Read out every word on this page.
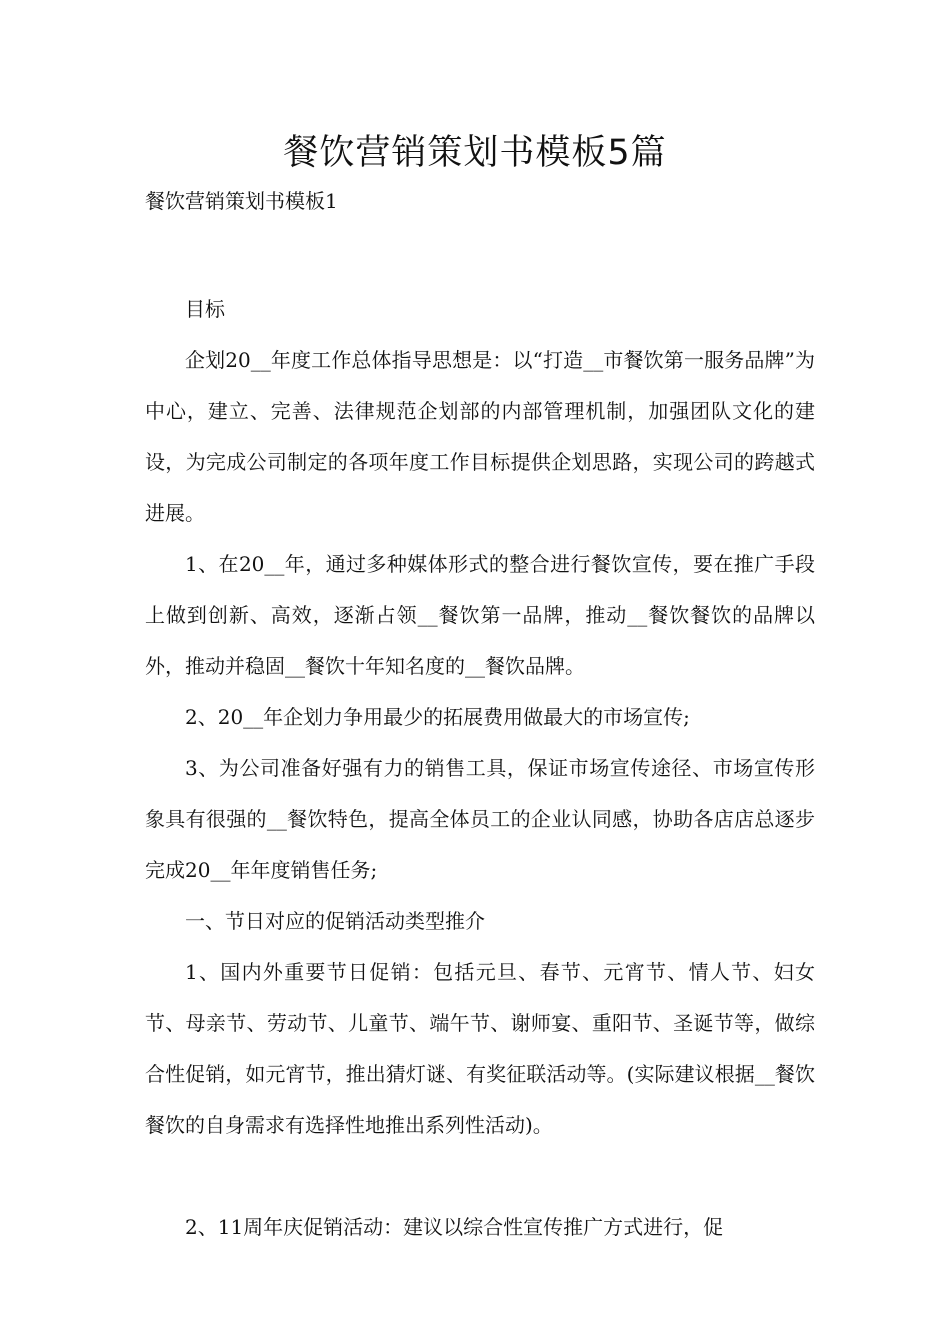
餐饮营销策划书模板5篇

餐饮营销策划书模板1

目标

企划20__年度工作总体指导思想是：以“打造__市餐饮第一服务品牌”为中心，建立、完善、法律规范企划部的内部管理机制，加强团队文化的建设，为完成公司制定的各项年度工作目标提供企划思路，实现公司的跨越式进展。

1、在20__年，通过多种媒体形式的整合进行餐饮宣传，要在推广手段上做到创新、高效，逐渐占领__餐饮第一品牌，推动__餐饮餐饮的品牌以外，推动并稳固__餐饮十年知名度的__餐饮品牌。

2、20__年企划力争用最少的拓展费用做最大的市场宣传;

3、为公司准备好强有力的销售工具，保证市场宣传途径、市场宣传形象具有很强的__餐饮特色，提高全体员工的企业认同感，协助各店店总逐步完成20__年年度销售任务;

一、节日对应的促销活动类型推介

1、国内外重要节日促销：包括元旦、春节、元宵节、情人节、妇女节、母亲节、劳动节、儿童节、端午节、谢师宴、重阳节、圣诞节等，做综合性促销，如元宵节，推出猜灯谜、有奖征联活动等。(实际建议根据__餐饮餐饮的自身需求有选择性地推出系列性活动)。

2、11周年庆促销活动：建议以综合性宣传推广方式进行，促
